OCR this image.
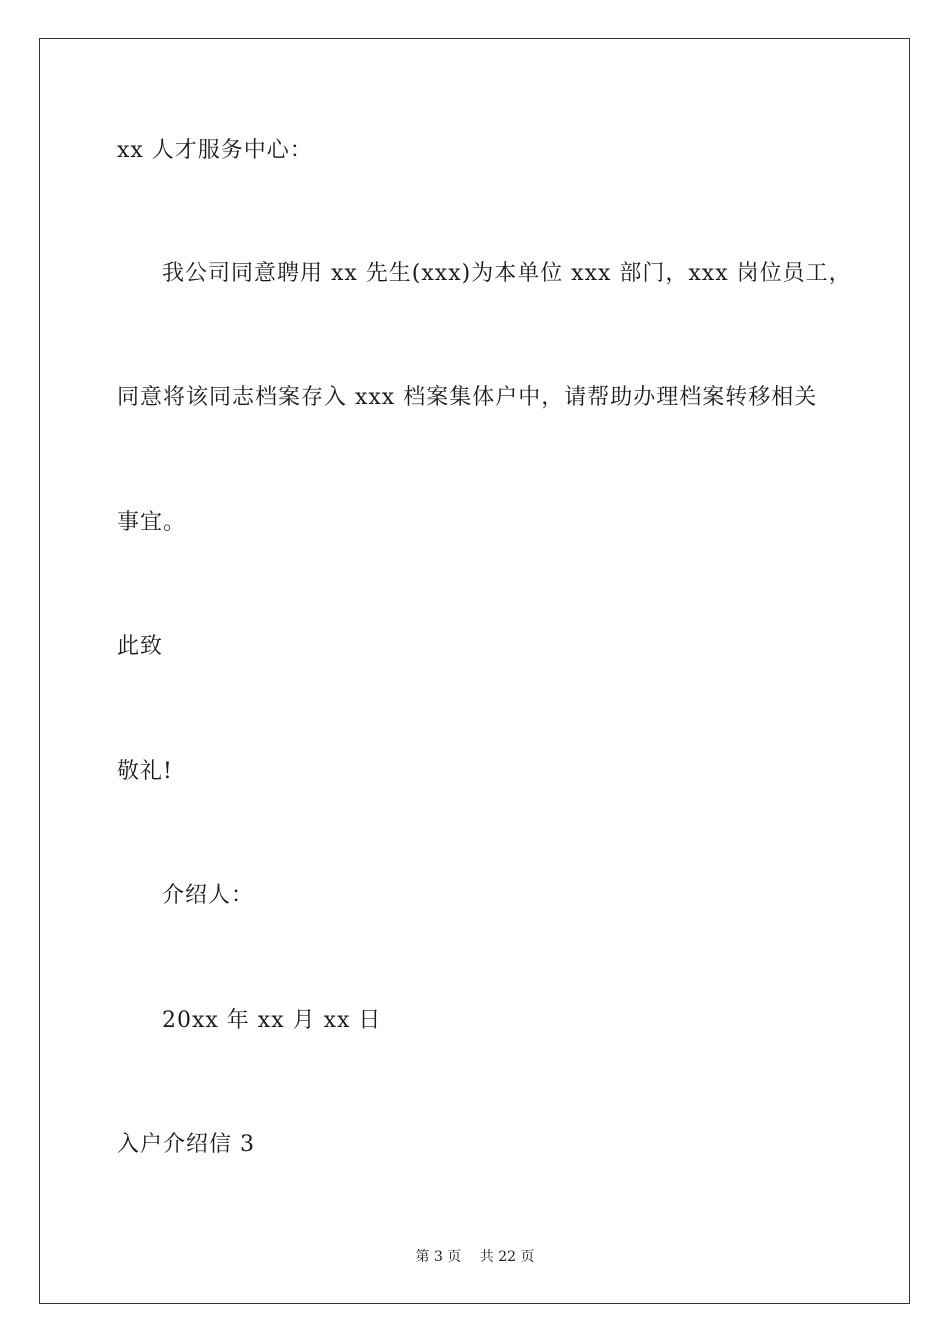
xx 人才服务中心：
我公司同意聘用 xx 先生(xxx)为本单位 xxx 部门，xxx 岗位员工，
同意将该同志档案存入 xxx 档案集体户中，请帮助办理档案转移相关
事宜。
此致
敬礼!
介绍人：
20xx 年 xx 月 xx 日
入户介绍信 3
第 3 页　 共 22 页
